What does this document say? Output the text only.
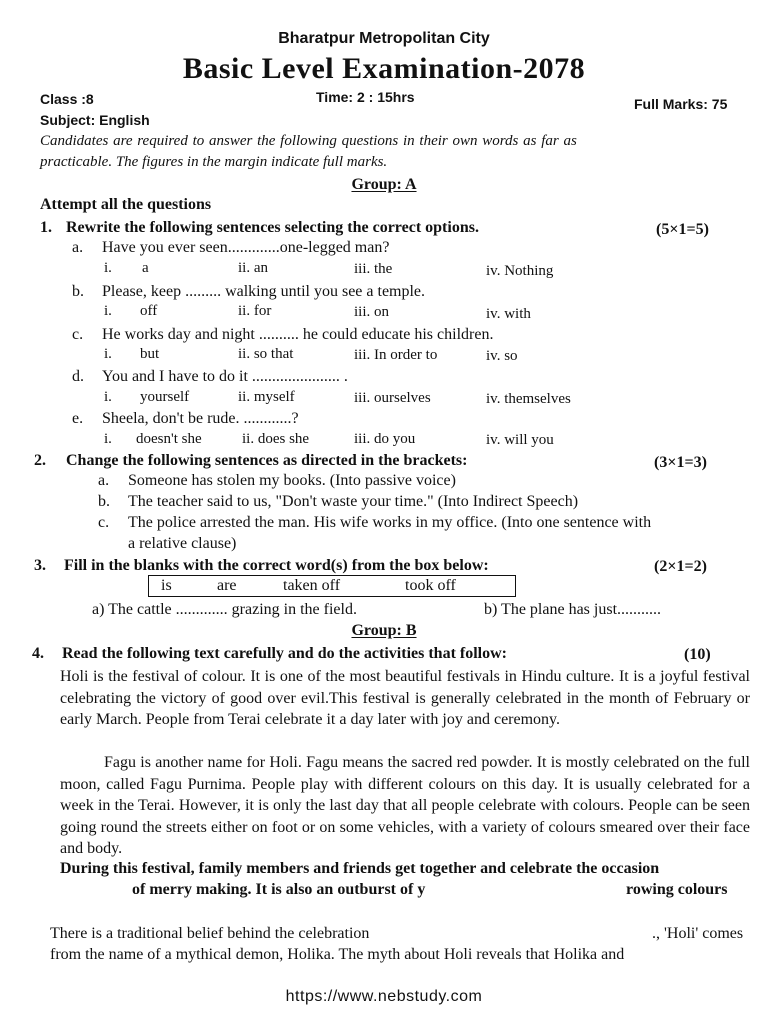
Bharatpur Metropolitan City
Basic Level Examination-2078
Class :8	Time: 2 : 15hrs	Full Marks: 75
Subject: English
Candidates are required to answer the following questions in their own words as far as
practicable. The figures in the margin indicate full marks.
Group: A
Attempt all the questions
1. Rewrite the following sentences selecting the correct options.	(5×1=5)
a. Have you ever seen.............one-legged man?
i. a	ii. an	iii. the	iv. Nothing
b. Please, keep ......... walking until you see a temple.
i. off	ii. for	iii. on	iv. with
c. He works day and night .......... he could educate his children.
i. but	ii. so that	iii. In order to	iv. so
d. You and I have to do it ...................... .
i. yourself	ii. myself	iii. ourselves	iv. themselves
e. Sheela, don't be rude. ............?
i. doesn't she	ii. does she	iii. do you	iv. will you
2. Change the following sentences as directed in the brackets:	(3×1=3)
a. Someone has stolen my books. (Into passive voice)
b. The teacher said to us, "Don't waste your time." (Into Indirect Speech)
c. The police arrested the man. His wife works in my office. (Into one sentence with
a relative clause)
3. Fill in the blanks with the correct word(s) from the box below:	(2×1=2)
is	are	taken off	took off
a) The cattle ............. grazing in the field.	b) The plane has just...........
Group: B
4. Read the following text carefully and do the activities that follow:	(10)
Holi is the festival of colour. It is one of the most beautiful festivals in Hindu culture. It is a joyful festival celebrating the victory of good over evil.This festival is generally celebrated in the month of February or early March. People from Terai celebrate it a day later with joy and ceremony.
Fagu is another name for Holi. Fagu means the sacred red powder. It is mostly celebrated on the full moon, called Fagu Purnima. People play with different colours on this day. It is usually celebrated for a week in the Terai. However, it is only the last day that all people celebrate with colours. People can be seen going round the streets either on foot or on some vehicles, with a variety of colours smeared over their face and body.
During this festival, family members and friends get together and celebrate the occasion
of merry making. It is also an outburst of y	rowing colours
There is a traditional belief behind the celebration	., 'Holi' comes
from the name of a mythical demon, Holika. The myth about Holi reveals that Holika and
https://www.nebstudy.com
